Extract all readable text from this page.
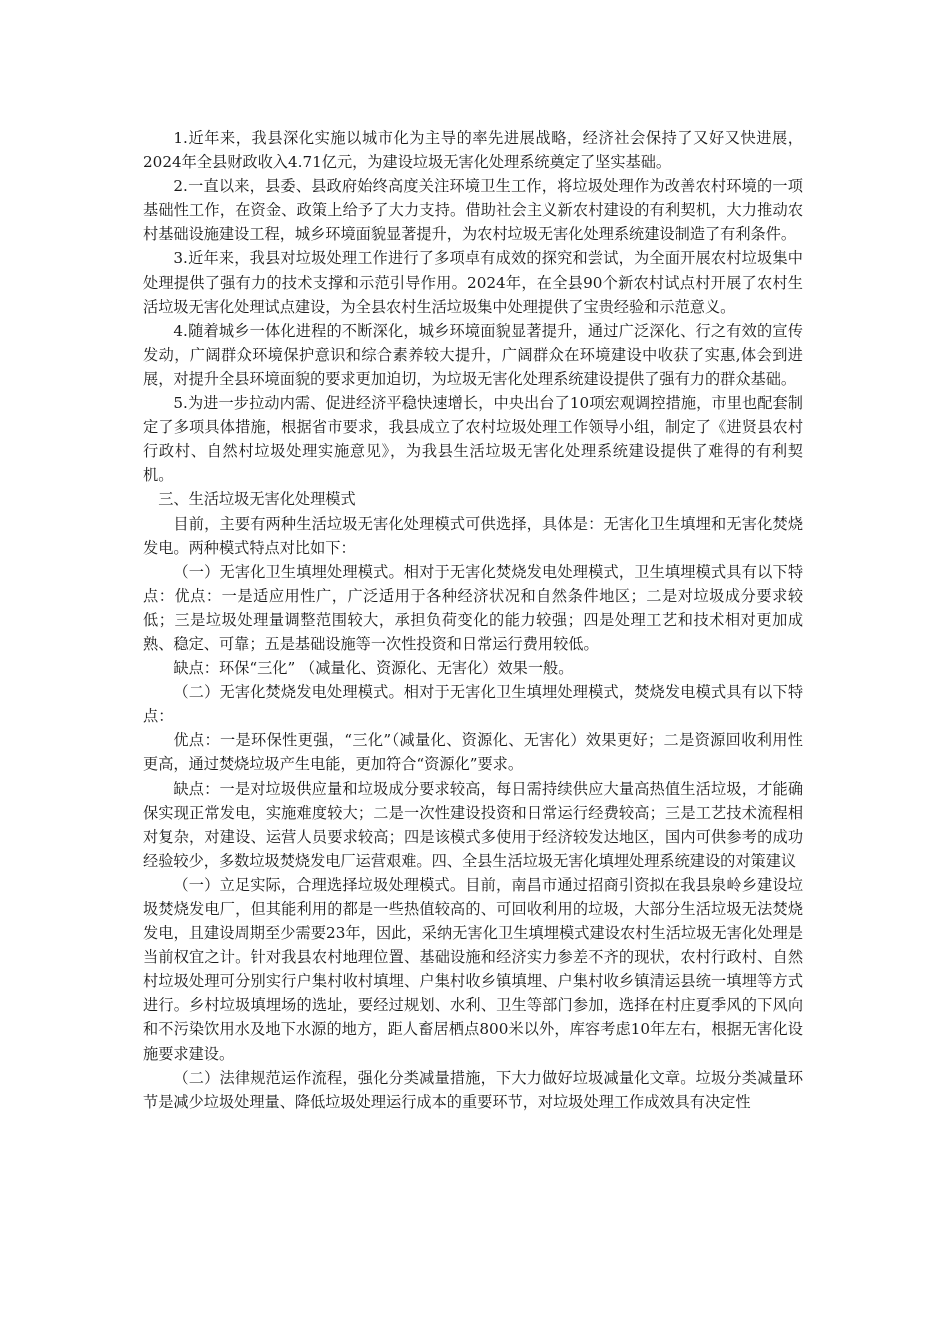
1.近年来，我县深化实施以城市化为主导的率先进展战略，经济社会保持了又好又快进展，2024年全县财政收入4.71亿元，为建设垃圾无害化处理系统奠定了坚实基础。

2.一直以来，县委、县政府始终高度关注环境卫生工作，将垃圾处理作为改善农村环境的一项基础性工作，在资金、政策上给予了大力支持。借助社会主义新农村建设的有利契机，大力推动农村基础设施建设工程，城乡环境面貌显著提升，为农村垃圾无害化处理系统建设制造了有利条件。

3.近年来，我县对垃圾处理工作进行了多项卓有成效的探究和尝试，为全面开展农村垃圾集中处理提供了强有力的技术支撑和示范引导作用。2024年，在全县90个新农村试点村开展了农村生活垃圾无害化处理试点建设，为全县农村生活垃圾集中处理提供了宝贵经验和示范意义。

4.随着城乡一体化进程的不断深化，城乡环境面貌显著提升，通过广泛深化、行之有效的宣传发动，广阔群众环境保护意识和综合素养较大提升，广阔群众在环境建设中收获了实惠,体会到进展，对提升全县环境面貌的要求更加迫切，为垃圾无害化处理系统建设提供了强有力的群众基础。

5.为进一步拉动内需、促进经济平稳快速增长，中央出台了10项宏观调控措施，市里也配套制定了多项具体措施，根据省市要求，我县成立了农村垃圾处理工作领导小组，制定了《进贤县农村行政村、自然村垃圾处理实施意见》，为我县生活垃圾无害化处理系统建设提供了难得的有利契机。

三、生活垃圾无害化处理模式

目前，主要有两种生活垃圾无害化处理模式可供选择，具体是：无害化卫生填埋和无害化焚烧发电。两种模式特点对比如下：

（一）无害化卫生填埋处理模式。相对于无害化焚烧发电处理模式，卫生填埋模式具有以下特点：优点：一是适应用性广，广泛适用于各种经济状况和自然条件地区；二是对垃圾成分要求较低；三是垃圾处理量调整范围较大，承担负荷变化的能力较强；四是处理工艺和技术相对更加成熟、稳定、可靠；五是基础设施等一次性投资和日常运行费用较低。

缺点：环保“三化” （减量化、资源化、无害化）效果一般。

（二）无害化焚烧发电处理模式。相对于无害化卫生填埋处理模式，焚烧发电模式具有以下特点：

优点：一是环保性更强，“三化”（减量化、资源化、无害化）效果更好；二是资源回收利用性更高，通过焚烧垃圾产生电能，更加符合“资源化”要求。

缺点：一是对垃圾供应量和垃圾成分要求较高，每日需持续供应大量高热值生活垃圾，才能确保实现正常发电，实施难度较大；二是一次性建设投资和日常运行经费较高；三是工艺技术流程相对复杂，对建设、运营人员要求较高；四是该模式多使用于经济较发达地区，国内可供参考的成功经验较少，多数垃圾焚烧发电厂运营艰难。四、全县生活垃圾无害化填埋处理系统建设的对策建议

（一）立足实际，合理选择垃圾处理模式。目前，南昌市通过招商引资拟在我县泉岭乡建设垃圾焚烧发电厂，但其能利用的都是一些热值较高的、可回收利用的垃圾，大部分生活垃圾无法焚烧发电，且建设周期至少需要23年，因此，采纳无害化卫生填埋模式建设农村生活垃圾无害化处理是当前权宜之计。针对我县农村地理位置、基础设施和经济实力参差不齐的现状，农村行政村、自然村垃圾处理可分别实行户集村收村填埋、户集村收乡镇填埋、户集村收乡镇清运县统一填埋等方式进行。乡村垃圾填埋场的选址，要经过规划、水利、卫生等部门参加，选择在村庄夏季风的下风向和不污染饮用水及地下水源的地方，距人畜居栖点800米以外，库容考虑10年左右，根据无害化设施要求建设。

（二）法律规范运作流程，强化分类减量措施，下大力做好垃圾减量化文章。垃圾分类减量环节是减少垃圾处理量、降低垃圾处理运行成本的重要环节，对垃圾处理工作成效具有决定性
